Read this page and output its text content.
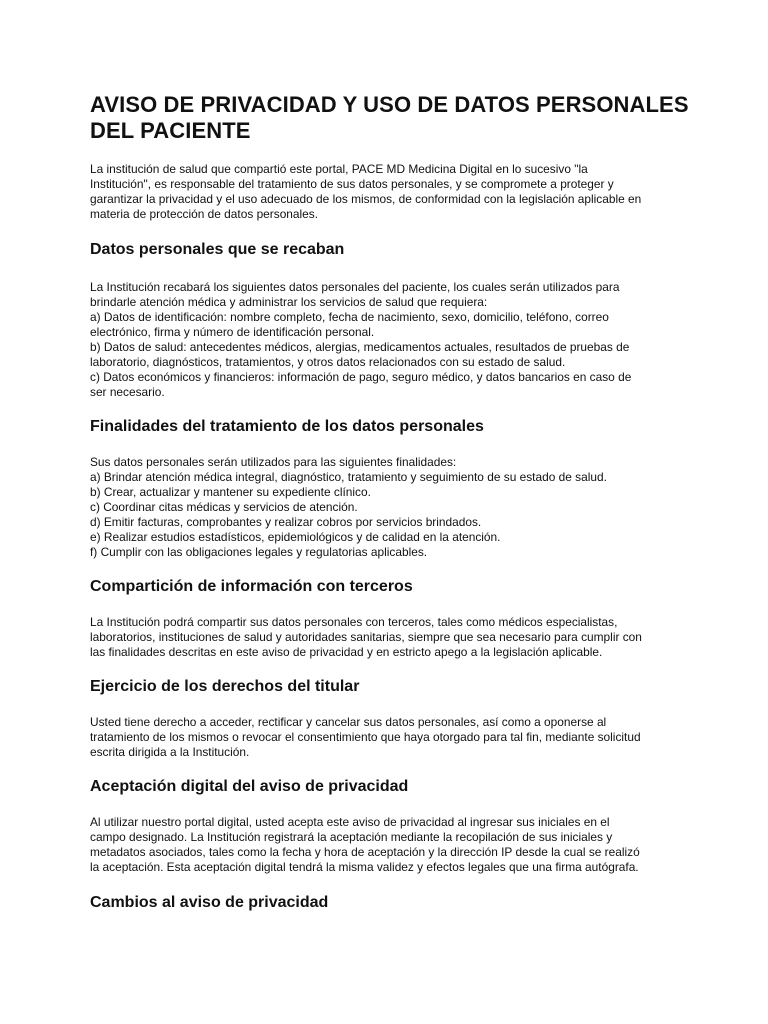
AVISO DE PRIVACIDAD Y USO DE DATOS PERSONALES
DEL PACIENTE

La institución de salud que compartió este portal, PACE MD Medicina Digital en lo sucesivo "la
Institución", es responsable del tratamiento de sus datos personales, y se compromete a proteger y
garantizar la privacidad y el uso adecuado de los mismos, de conformidad con la legislación aplicable en
materia de protección de datos personales.

Datos personales que se recaban

La Institución recabará los siguientes datos personales del paciente, los cuales serán utilizados para
brindarle atención médica y administrar los servicios de salud que requiera:
a) Datos de identificación: nombre completo, fecha de nacimiento, sexo, domicilio, teléfono, correo
electrónico, firma y número de identificación personal.
b) Datos de salud: antecedentes médicos, alergias, medicamentos actuales, resultados de pruebas de
laboratorio, diagnósticos, tratamientos, y otros datos relacionados con su estado de salud.
c) Datos económicos y financieros: información de pago, seguro médico, y datos bancarios en caso de
ser necesario.

Finalidades del tratamiento de los datos personales

Sus datos personales serán utilizados para las siguientes finalidades:
a) Brindar atención médica integral, diagnóstico, tratamiento y seguimiento de su estado de salud.
b) Crear, actualizar y mantener su expediente clínico.
c) Coordinar citas médicas y servicios de atención.
d) Emitir facturas, comprobantes y realizar cobros por servicios brindados.
e) Realizar estudios estadísticos, epidemiológicos y de calidad en la atención.
f) Cumplir con las obligaciones legales y regulatorias aplicables.

Compartición de información con terceros

La Institución podrá compartir sus datos personales con terceros, tales como médicos especialistas,
laboratorios, instituciones de salud y autoridades sanitarias, siempre que sea necesario para cumplir con
las finalidades descritas en este aviso de privacidad y en estricto apego a la legislación aplicable.

Ejercicio de los derechos del titular

Usted tiene derecho a acceder, rectificar y cancelar sus datos personales, así como a oponerse al
tratamiento de los mismos o revocar el consentimiento que haya otorgado para tal fin, mediante solicitud
escrita dirigida a la Institución.

Aceptación digital del aviso de privacidad

Al utilizar nuestro portal digital, usted acepta este aviso de privacidad al ingresar sus iniciales en el
campo designado. La Institución registrará la aceptación mediante la recopilación de sus iniciales y
metadatos asociados, tales como la fecha y hora de aceptación y la dirección IP desde la cual se realizó
la aceptación. Esta aceptación digital tendrá la misma validez y efectos legales que una firma autógrafa.

Cambios al aviso de privacidad
